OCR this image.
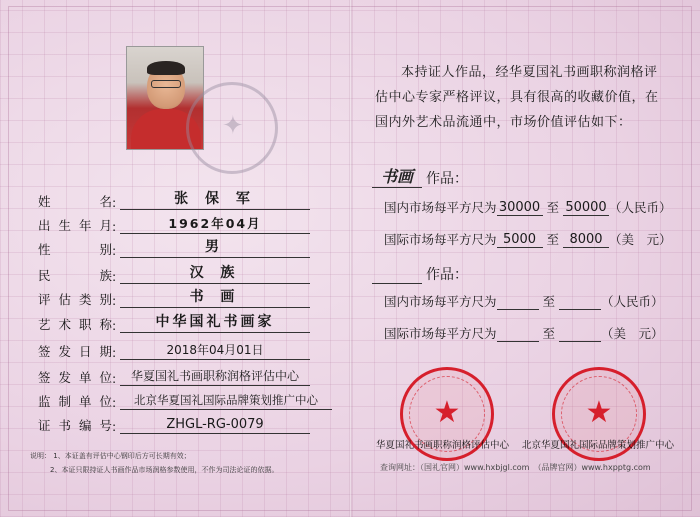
✦
姓名 :	张 保 军
出生年月 :	1962年04月
性别 :	男
民族 :	汉 族
评估类别 :	书 画
艺术职称 :	中华国礼书画家
签发日期 :	2018年04月01日
签发单位 :	华夏国礼书画职称润格评估中心
监制单位 :	北京华夏国礼国际品牌策划推广中心
证书编号 :	ZHGL-RG-0079
说明： 1、本证盖有评估中心钢印后方可长期有效；
2、本证只限持证人书画作品市场润格参数使用，不作为司法论证的依据。

本持证人作品，经华夏国礼书画职称润格评估中心专家严格评议，具有很高的收藏价值，在国内外艺术品流通中，市场价值评估如下：

书画 作品：
国内市场每平方尺为 30000 至 50000 （人民币）
国际市场每平方尺为 5000 至 8000 （美　元）
作品：
国内市场每平方尺为	至	（人民币）
国际市场每平方尺为	至	（美　元）
★	★
华夏国礼书画职称润格评估中心 北京华夏国礼国际品牌策划推广中心
查询网址：（国礼官网）www.hxbjgl.com　（品牌官网）www.hxpptg.com
